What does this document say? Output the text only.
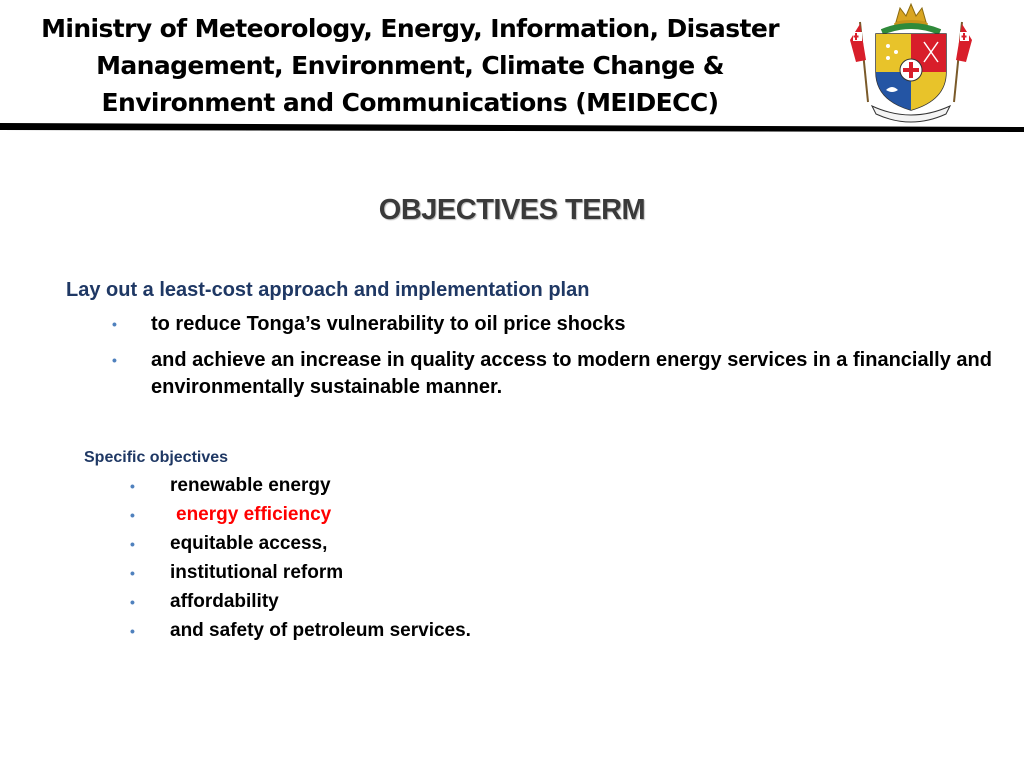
Ministry of Meteorology, Energy, Information, Disaster Management, Environment, Climate Change & Environment and Communications (MEIDECC)
OBJECTIVES TERM
Lay out a least-cost approach and implementation plan
• to reduce Tonga’s vulnerability to oil price shocks
• and achieve an increase in quality access to modern energy services in a financially and environmentally sustainable manner.
Specific objectives
• renewable energy
• energy efficiency
• equitable access,
• institutional reform
• affordability
• and safety of petroleum services.
